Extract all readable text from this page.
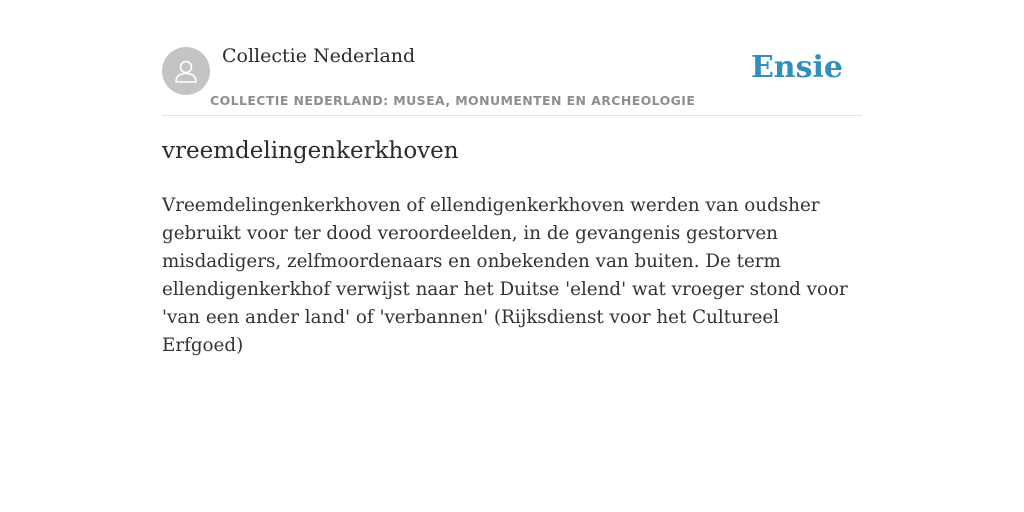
Collectie Nederland
COLLECTIE NEDERLAND: MUSEA, MONUMENTEN EN ARCHEOLOGIE
Ensie
vreemdelingenkerkhoven

Vreemdelingenkerkhoven of ellendigenkerkhoven werden van oudsher gebruikt voor ter dood veroordeelden, in de gevangenis gestorven misdadigers, zelfmoordenaars en onbekenden van buiten. De term ellendigenkerkhof verwijst naar het Duitse 'elend' wat vroeger stond voor 'van een ander land' of 'verbannen' (Rijksdienst voor het Cultureel Erfgoed)
